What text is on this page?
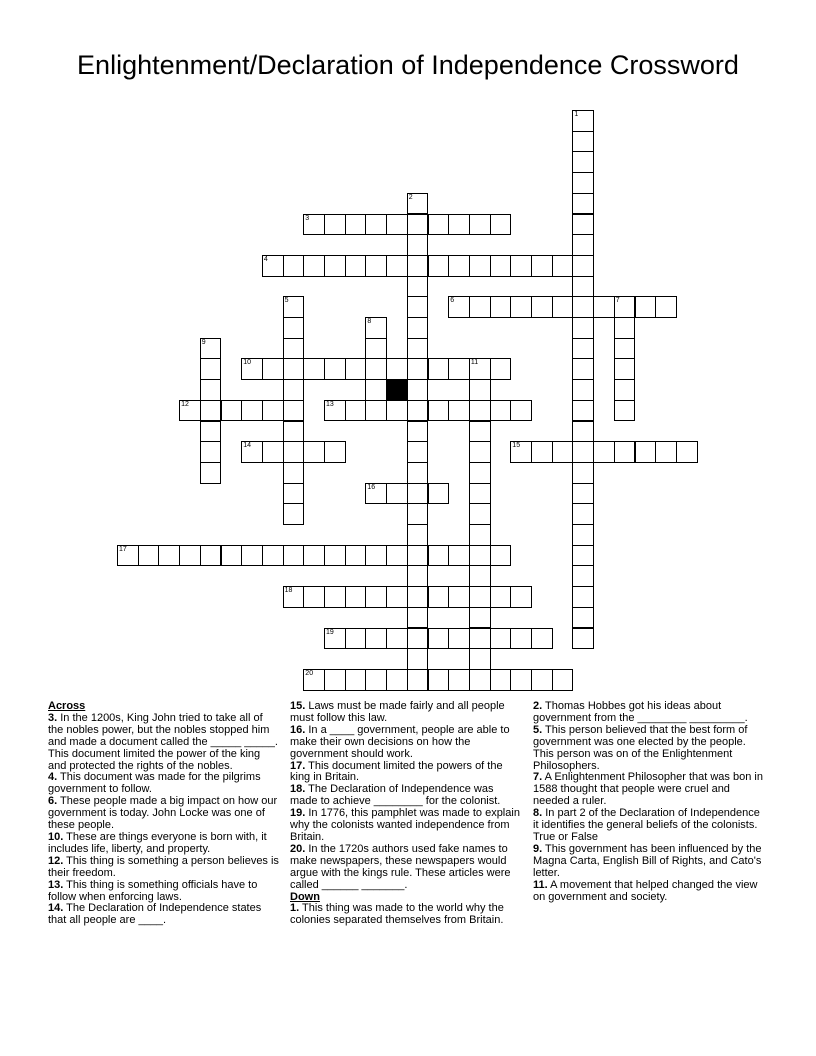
Enlightenment/Declaration of Independence Crossword
1
2
3
4
5	6	7
8
9
10	11
12	13
14	15
16
17
18
19
20
Across
3. In the 1200s, King John tried to take all of the nobles power, but the nobles stopped him and made a document called the _____ _____. This document limited the power of the king and protected the rights of the nobles.
4. This document was made for the pilgrims government to follow.
6. These people made a big impact on how our government is today. John Locke was one of these people.
10. These are things everyone is born with, it includes life, liberty, and property.
12. This thing is something a person believes is their freedom.
13. This thing is something officials have to follow when enforcing laws.
14. The Declaration of Independence states that all people are ____.
15. Laws must be made fairly and all people must follow this law.
16. In a ____ government, people are able to make their own decisions on how the government should work.
17. This document limited the powers of the king in Britain.
18. The Declaration of Independence was made to achieve ________ for the colonist.
19. In 1776, this pamphlet was made to explain why the colonists wanted independence from Britain.
20. In the 1720s authors used fake names to make newspapers, these newspapers would argue with the kings rule. These articles were called ______ _______.
Down
1. This thing was made to the world why the colonies separated themselves from Britain.
2. Thomas Hobbes got his ideas about government from the ________ _________.
5. This person believed that the best form of government was one elected by the people. This person was on of the Enlightenment Philosophers.
7. A Enlightenment Philosopher that was bon in 1588 thought that people were cruel and needed a ruler.
8. In part 2 of the Declaration of Independence it identifies the general beliefs of the colonists. True or False
9. This government has been influenced by the Magna Carta, English Bill of Rights, and Cato's letter.
11. A movement that helped changed the view on government and society.
